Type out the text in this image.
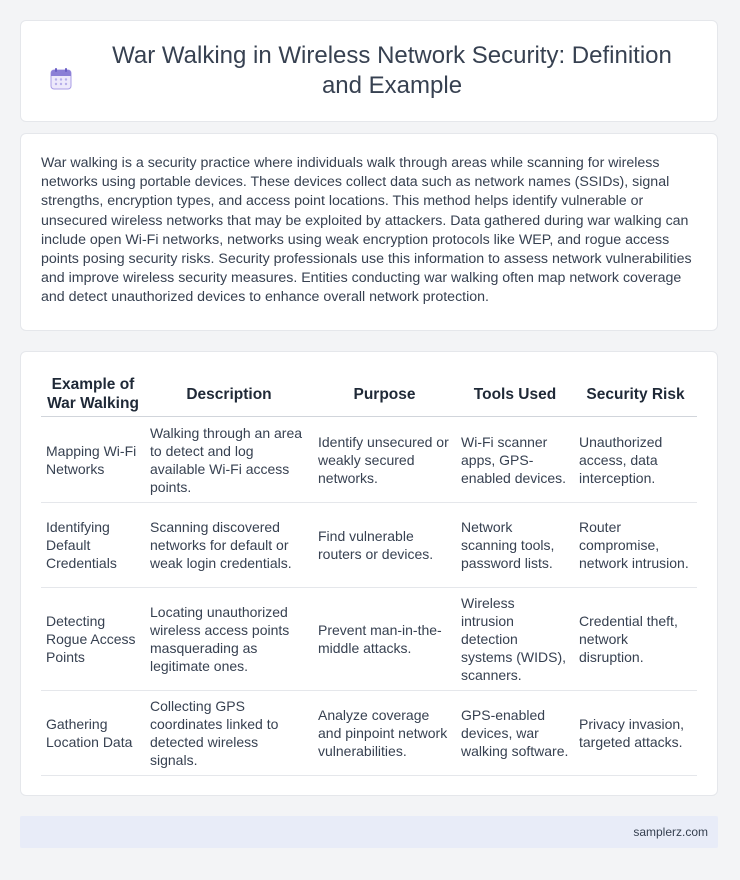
War Walking in Wireless Network Security: Definition and Example

War walking is a security practice where individuals walk through areas while scanning for wireless networks using portable devices. These devices collect data such as network names (SSIDs), signal strengths, encryption types, and access point locations. This method helps identify vulnerable or unsecured wireless networks that may be exploited by attackers. Data gathered during war walking can include open Wi-Fi networks, networks using weak encryption protocols like WEP, and rogue access points posing security risks. Security professionals use this information to assess network vulnerabilities and improve wireless security measures. Entities conducting war walking often map network coverage and detect unauthorized devices to enhance overall network protection.

Example of War Walking	Description	Purpose	Tools Used	Security Risk
Mapping Wi-Fi Networks	Walking through an area to detect and log available Wi-Fi access points.	Identify unsecured or weakly secured networks.	Wi-Fi scanner apps, GPS-enabled devices.	Unauthorized access, data interception.
Identifying Default Credentials	Scanning discovered networks for default or weak login credentials.	Find vulnerable routers or devices.	Network scanning tools, password lists.	Router compromise, network intrusion.
Detecting Rogue Access Points	Locating unauthorized wireless access points masquerading as legitimate ones.	Prevent man-in-the-middle attacks.	Wireless intrusion detection systems (WIDS), scanners.	Credential theft, network disruption.
Gathering Location Data	Collecting GPS coordinates linked to detected wireless signals.	Analyze coverage and pinpoint network vulnerabilities.	GPS-enabled devices, war walking software.	Privacy invasion, targeted attacks.
samplerz.com
